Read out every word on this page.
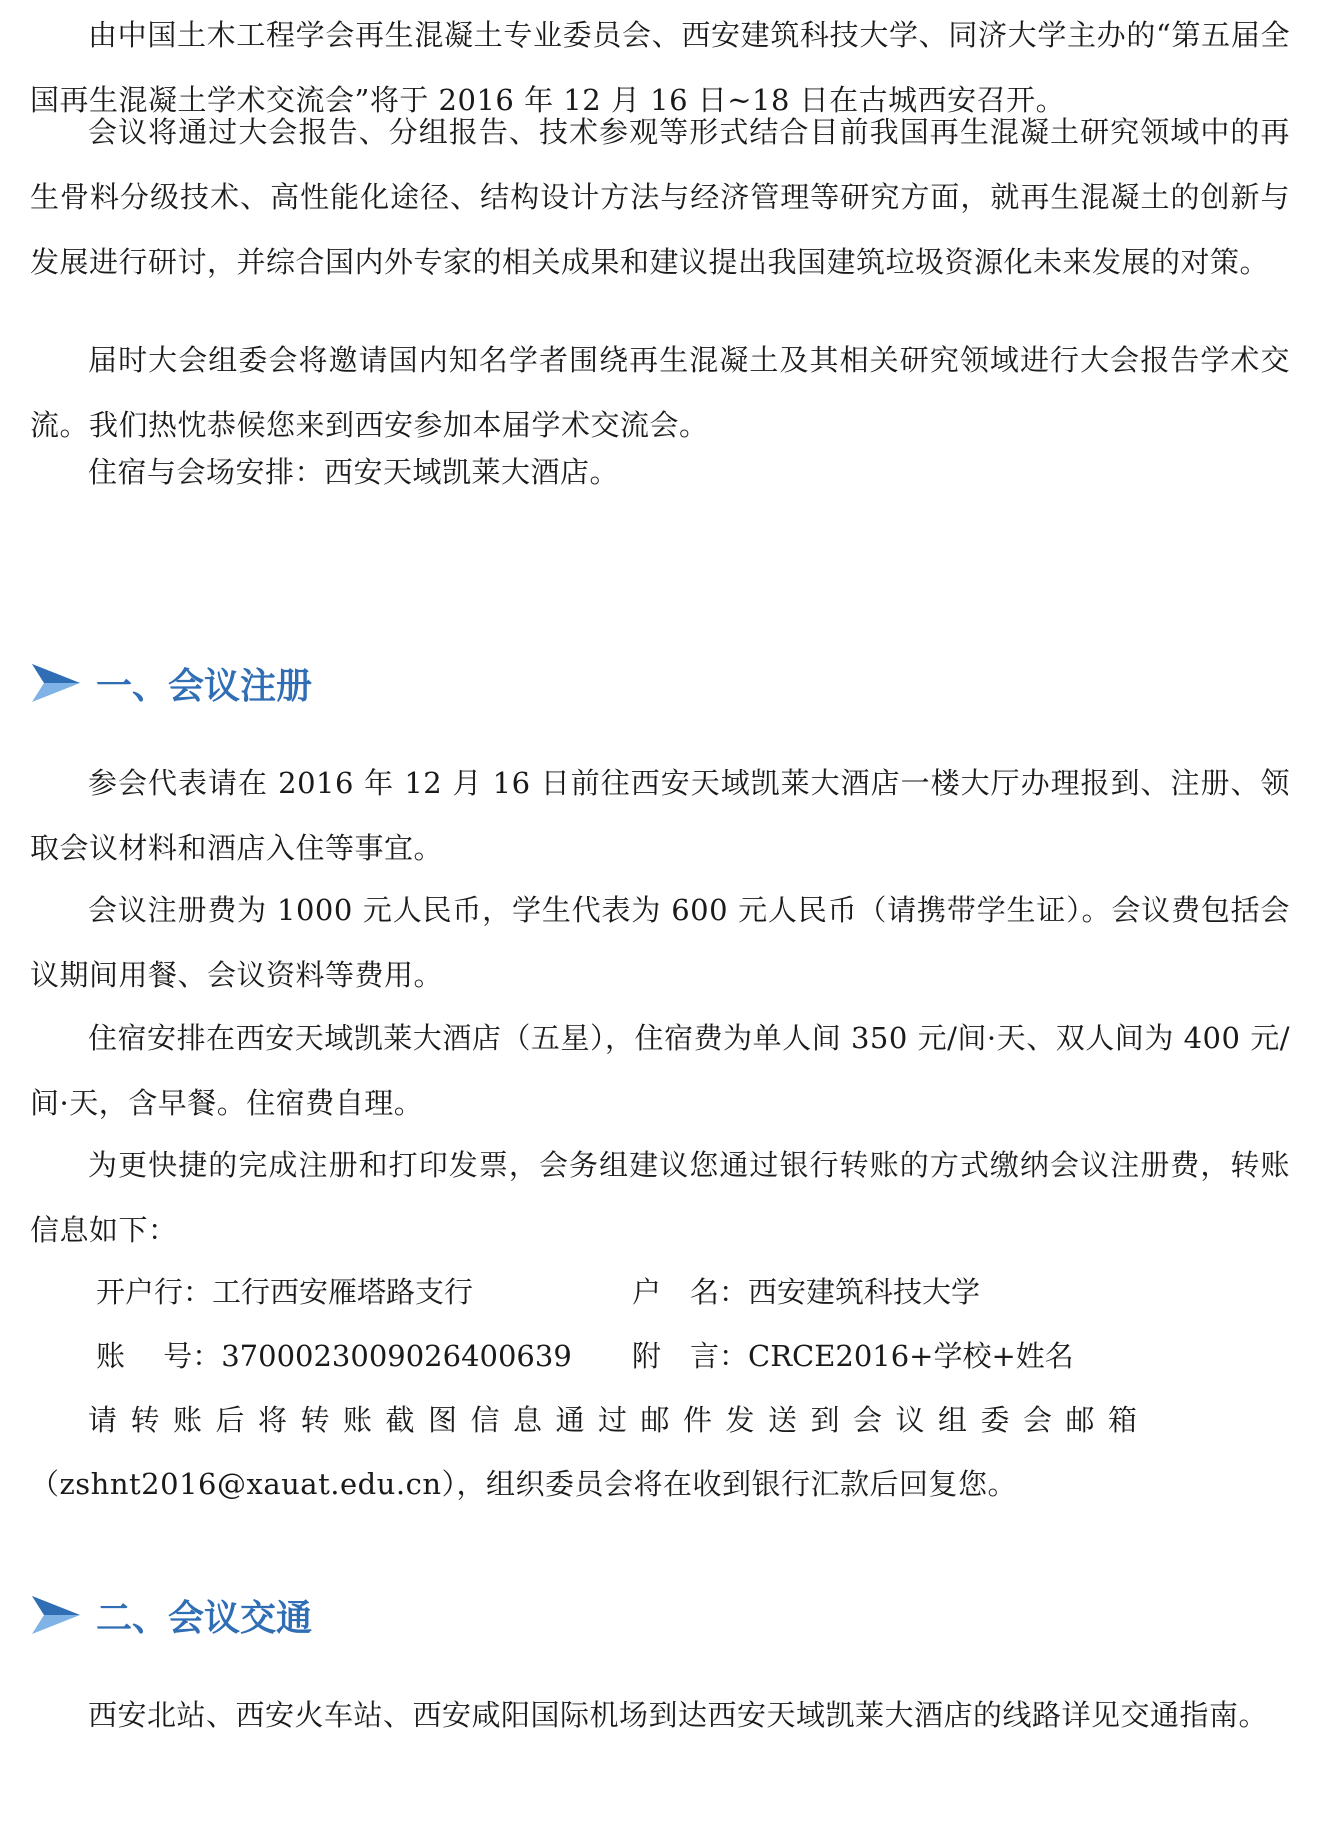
由中国土木工程学会再生混凝土专业委员会、西安建筑科技大学、同济大学主办的“第五届全国再生混凝土学术交流会”将于 2016 年 12 月 16 日~18 日在古城西安召开。

会议将通过大会报告、分组报告、技术参观等形式结合目前我国再生混凝土研究领域中的再生骨料分级技术、高性能化途径、结构设计方法与经济管理等研究方面，就再生混凝土的创新与发展进行研讨，并综合国内外专家的相关成果和建议提出我国建筑垃圾资源化未来发展的对策。

届时大会组委会将邀请国内知名学者围绕再生混凝土及其相关研究领域进行大会报告学术交流。我们热忱恭候您来到西安参加本届学术交流会。

住宿与会场安排：西安天域凯莱大酒店。

一、会议注册

参会代表请在 2016 年 12 月 16 日前往西安天域凯莱大酒店一楼大厅办理报到、注册、领取会议材料和酒店入住等事宜。

会议注册费为 1000 元人民币，学生代表为 600 元人民币（请携带学生证）。会议费包括会议期间用餐、会议资料等费用。

住宿安排在西安天域凯莱大酒店（五星），住宿费为单人间 350 元/间·天、双人间为 400 元/间·天，含早餐。住宿费自理。

为更快捷的完成注册和打印发票，会务组建议您通过银行转账的方式缴纳会议注册费，转账信息如下：

开户行：工行西安雁塔路支行	户　名：西安建筑科技大学
账　 号：3700023009026400639 附　言：CRCE2016+学校+姓名

请转账后将转账截图信息通过邮件发送到会议组委会邮箱

（zshnt2016@xauat.edu.cn），组织委员会将在收到银行汇款后回复您。

二、会议交通

西安北站、西安火车站、西安咸阳国际机场到达西安天域凯莱大酒店的线路详见交通指南。
